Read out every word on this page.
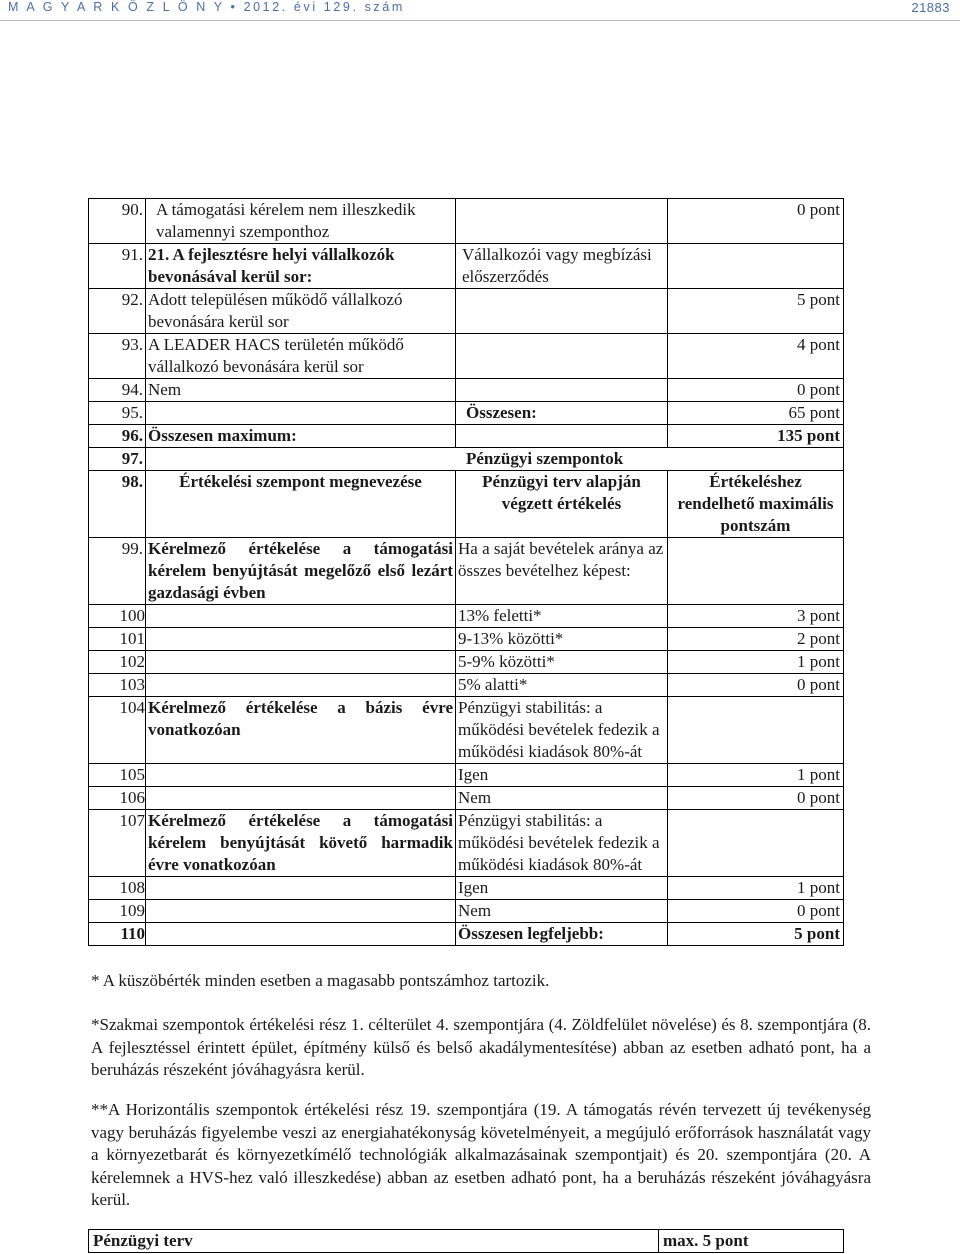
M A G Y A R K Ö Z L Ö N Y • 2012. évi 129. szám	21883
90.	A támogatási kérelem nem illeszkedik valamennyi szemponthoz		0 pont
91.	21. A fejlesztésre helyi vállalkozók bevonásával kerül sor:	Vállalkozói vagy megbízási előszerződés	
92.	Adott településen működő vállalkozó bevonására kerül sor		5 pont
93.	A LEADER HACS területén működő vállalkozó bevonására kerül sor		4 pont
94.	Nem		0 pont
95.		Összesen:	65 pont
96.	Összesen maximum:		135 pont
97.	Pénzügyi szempontok		
98.	Értékelési szempont megnevezése	Pénzügyi terv alapján végzett értékelés	Értékeléshez rendelhető maximális pontszám
99.	Kérelmező értékelése a támogatási kérelem benyújtását megelőző első lezárt gazdasági évben	Ha a saját bevételek aránya az összes bevételhez képest:	
100		13% feletti*	3 pont
101		9-13% közötti*	2 pont
102		5-9% közötti*	1 pont
103		5% alatti*	0 pont
104	Kérelmező értékelése a bázis évre vonatkozóan	Pénzügyi stabilitás: a működési bevételek fedezik a működési kiadások 80%-át	
105		Igen	1 pont
106		Nem	0 pont
107	Kérelmező értékelése a támogatási kérelem benyújtását követő harmadik évre vonatkozóan	Pénzügyi stabilitás: a működési bevételek fedezik a működési kiadások 80%-át	
108		Igen	1 pont
109		Nem	0 pont
110		Összesen legfeljebb:	5 pont
* A küszöbérték minden esetben a magasabb pontszámhoz tartozik.
*Szakmai szempontok értékelési rész 1. célterület 4. szempontjára (4. Zöldfelület növelése) és 8. szempontjára (8. A fejlesztéssel érintett épület, építmény külső és belső akadálymentesítése) abban az esetben adható pont, ha a beruházás részeként jóváhagyásra kerül.
**A Horizontális szempontok értékelési rész 19. szempontjára (19. A támogatás révén tervezett új tevékenység vagy beruházás figyelembe veszi az energiahatékonyság követelményeit, a megújuló erőforrások használatát vagy a környezetbarát és környezetkímélő technológiák alkalmazásainak szempontjait) és 20. szempontjára (20. A kérelemnek a HVS-hez való illeszkedése) abban az esetben adható pont, ha a beruházás részeként jóváhagyásra kerül.
Pénzügyi terv	max. 5 pont
